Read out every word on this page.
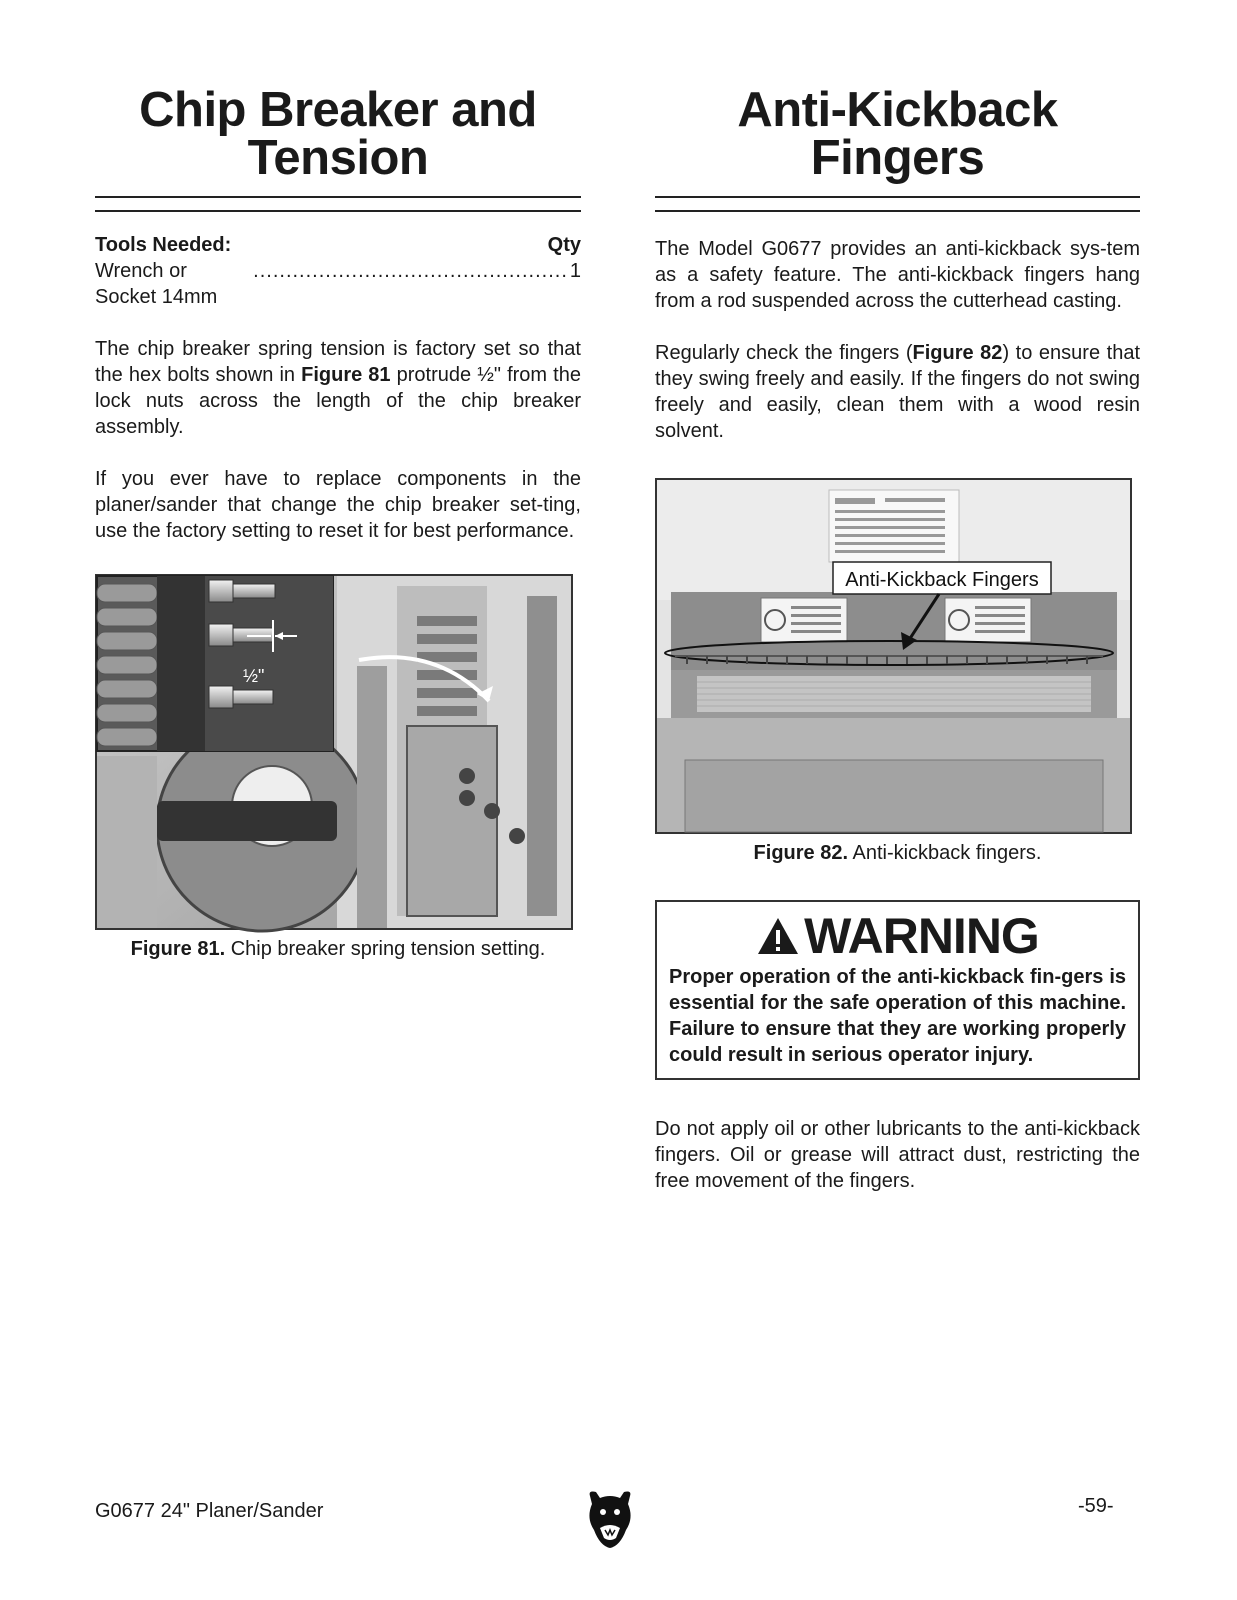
Chip Breaker and
Tension
Tools Needed:	Qty
Wrench or Socket 14mm
................................................ 1

The chip breaker spring tension is factory set so that the hex bolts shown in Figure 81 protrude ½" from the lock nuts across the length of the chip breaker assembly.

If you ever have to replace components in the planer/sander that change the chip breaker set-ting, use the factory setting to reset it for best performance.

½"
Figure 81. Chip breaker spring tension setting.
Anti-Kickback
Fingers

The Model G0677 provides an anti-kickback sys-tem as a safety feature. The anti-kickback fingers hang from a rod suspended across the cutterhead casting.

Regularly check the fingers (Figure 82) to ensure that they swing freely and easily. If the fingers do not swing freely and easily, clean them with a wood resin solvent.

Anti-Kickback Fingers
Figure 82. Anti-kickback fingers.
WARNING

Proper operation of the anti-kickback fin-gers is essential for the safe operation of this machine. Failure to ensure that they are working properly could result in serious operator injury.

Do not apply oil or other lubricants to the anti-kickback fingers. Oil or grease will attract dust, restricting the free movement of the fingers.

G0677 24" Planer/Sander	-59-
